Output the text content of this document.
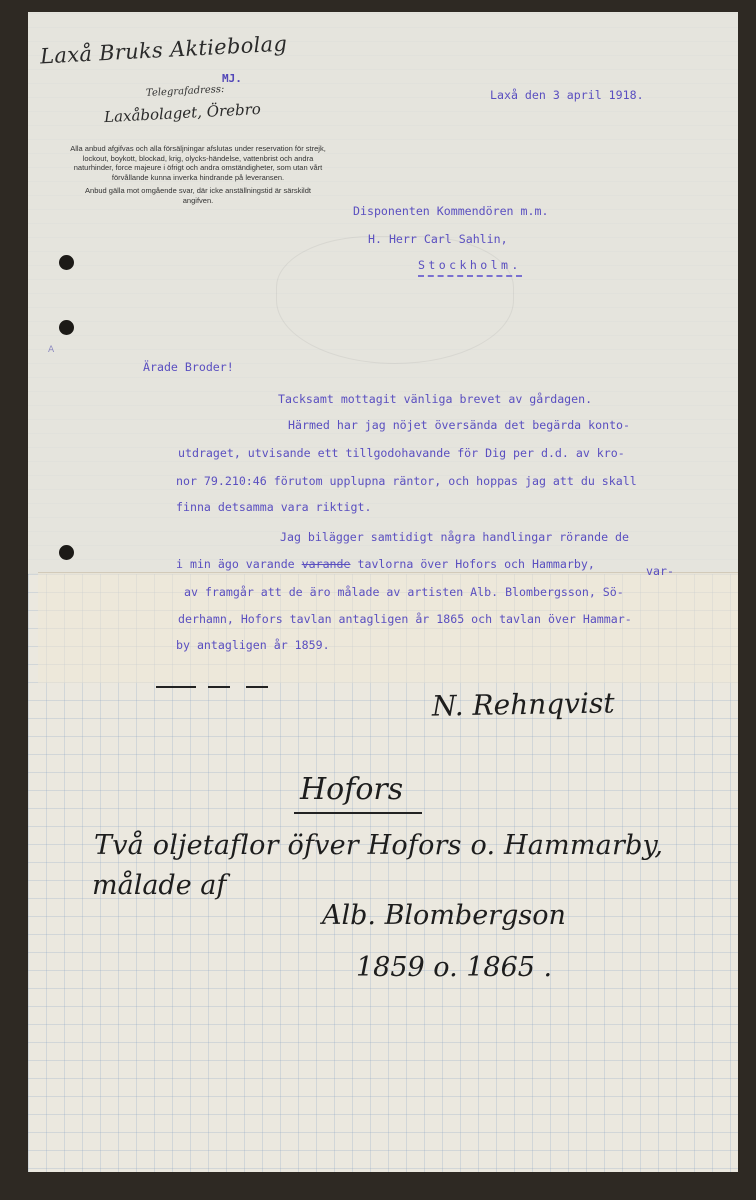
Laxå Bruks Aktiebolag
MJ.
Telegrafadress:
Laxåbolaget, Örebro

Alla anbud afgifvas och alla försäljningar afslutas under reservation för strejk, lockout, boykott, blockad, krig, olycks-händelse, vattenbrist och andra naturhinder, force majeure i öfrigt och andra omständigheter, som utan vårt förvållande kunna inverka hindrande på leveransen.

Anbud gälla mot omgående svar, där icke anställningstid är särskildt angifven.

Laxå den 3 april 1918.
Disponenten Kommendören m.m.
H. Herr Carl Sahlin,
Stockholm.
A
Ärade Broder!
Tacksamt mottagit vänliga brevet av gårdagen.
Härmed har jag nöjet översända det begärda konto-
utdraget, utvisande ett tillgodohavande för Dig per d.d. av kro-
nor 79.210:46 förutom upplupna räntor, och hoppas jag att du skall
finna detsamma vara riktigt.
Jag bilägger samtidigt några handlingar rörande de
i min ägo varande varande tavlorna över Hofors och Hammarby,	var-
av framgår att de äro målade av artisten Alb. Blombergsson, Sö-
derhamn, Hofors tavlan antagligen år 1865 och tavlan över Hammar-
by antagligen år 1859.
N. Rehnqvist
Hofors
Två oljetaflor öfver Hofors o. Hammarby,
målade af
Alb. Blombergson
1859 o. 1865 .
